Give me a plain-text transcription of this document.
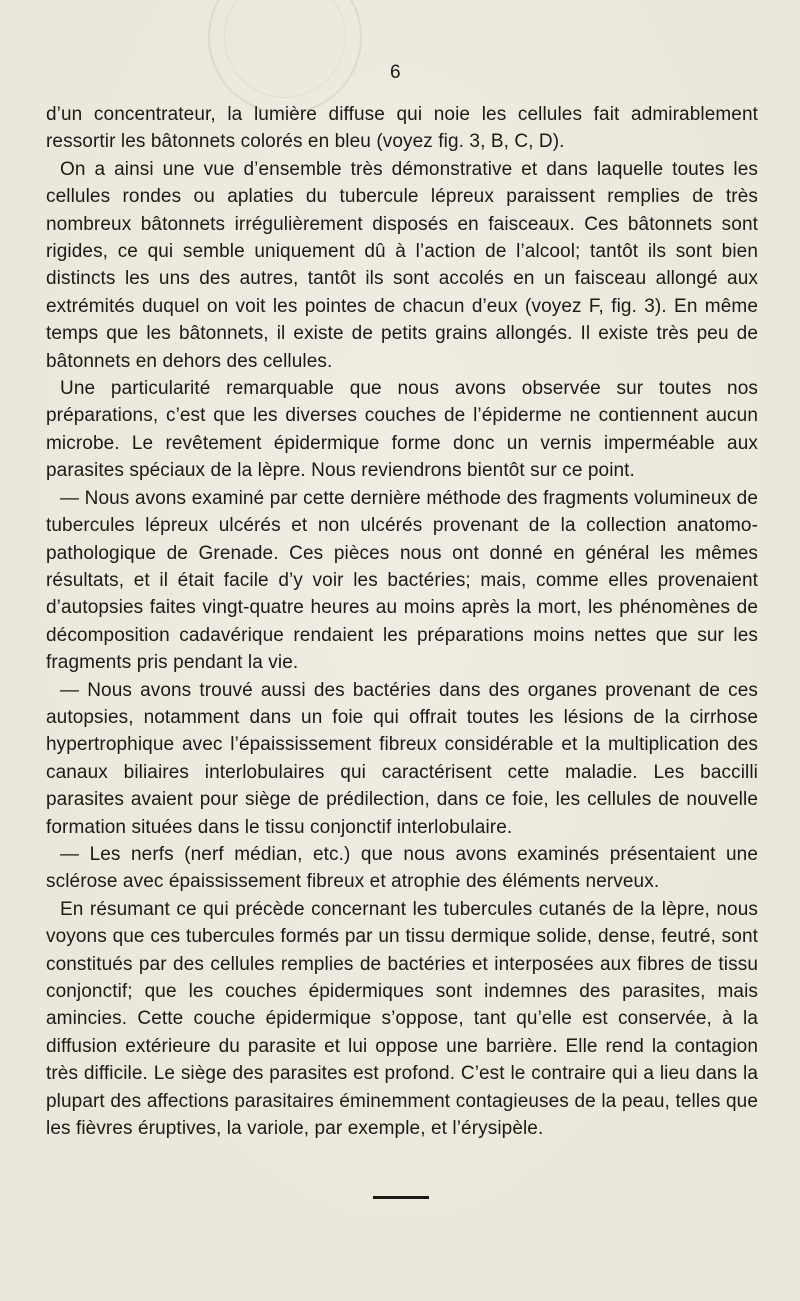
6

d’un concentrateur, la lumière diffuse qui noie les cellules fait admirablement ressortir les bâtonnets colorés en bleu (voyez fig. 3, B, C, D).

On a ainsi une vue d’ensemble très démonstrative et dans laquelle toutes les cellules rondes ou aplaties du tubercule lépreux paraissent remplies de très nombreux bâtonnets irrégulièrement disposés en faisceaux. Ces bâtonnets sont rigides, ce qui semble uniquement dû à l’action de l’alcool; tantôt ils sont bien distincts les uns des autres, tantôt ils sont accolés en un faisceau allongé aux extrémités duquel on voit les pointes de chacun d’eux (voyez F, fig. 3). En même temps que les bâtonnets, il existe de petits grains allongés. Il existe très peu de bâtonnets en dehors des cellules.

Une particularité remarquable que nous avons observée sur toutes nos préparations, c’est que les diverses couches de l’épiderme ne contiennent aucun microbe. Le revêtement épidermique forme donc un vernis imperméable aux parasites spéciaux de la lèpre. Nous reviendrons bientôt sur ce point.

— Nous avons examiné par cette dernière méthode des fragments volumineux de tubercules lépreux ulcérés et non ulcérés provenant de la collection anatomo-pathologique de Grenade. Ces pièces nous ont donné en général les mêmes résultats, et il était facile d’y voir les bactéries; mais, comme elles provenaient d’autopsies faites vingt-quatre heures au moins après la mort, les phénomènes de décomposition cadavérique rendaient les préparations moins nettes que sur les fragments pris pendant la vie.

— Nous avons trouvé aussi des bactéries dans des organes provenant de ces autopsies, notamment dans un foie qui offrait toutes les lésions de la cirrhose hypertrophique avec l’épaississement fibreux considérable et la multiplication des canaux biliaires interlobulaires qui caractérisent cette maladie. Les baccilli parasites avaient pour siège de prédilection, dans ce foie, les cellules de nouvelle formation situées dans le tissu conjonctif interlobulaire.

— Les nerfs (nerf médian, etc.) que nous avons examinés présentaient une sclérose avec épaississement fibreux et atrophie des éléments nerveux.

En résumant ce qui précède concernant les tubercules cutanés de la lèpre, nous voyons que ces tubercules formés par un tissu dermique solide, dense, feutré, sont constitués par des cellules remplies de bactéries et interposées aux fibres de tissu conjonctif; que les couches épidermiques sont indemnes des parasites, mais amincies. Cette couche épidermique s’oppose, tant qu’elle est conservée, à la diffusion extérieure du parasite et lui oppose une barrière. Elle rend la contagion très difficile. Le siège des parasites est profond. C’est le contraire qui a lieu dans la plupart des affections parasitaires éminemment contagieuses de la peau, telles que les fièvres éruptives, la variole, par exemple, et l’érysipèle.
